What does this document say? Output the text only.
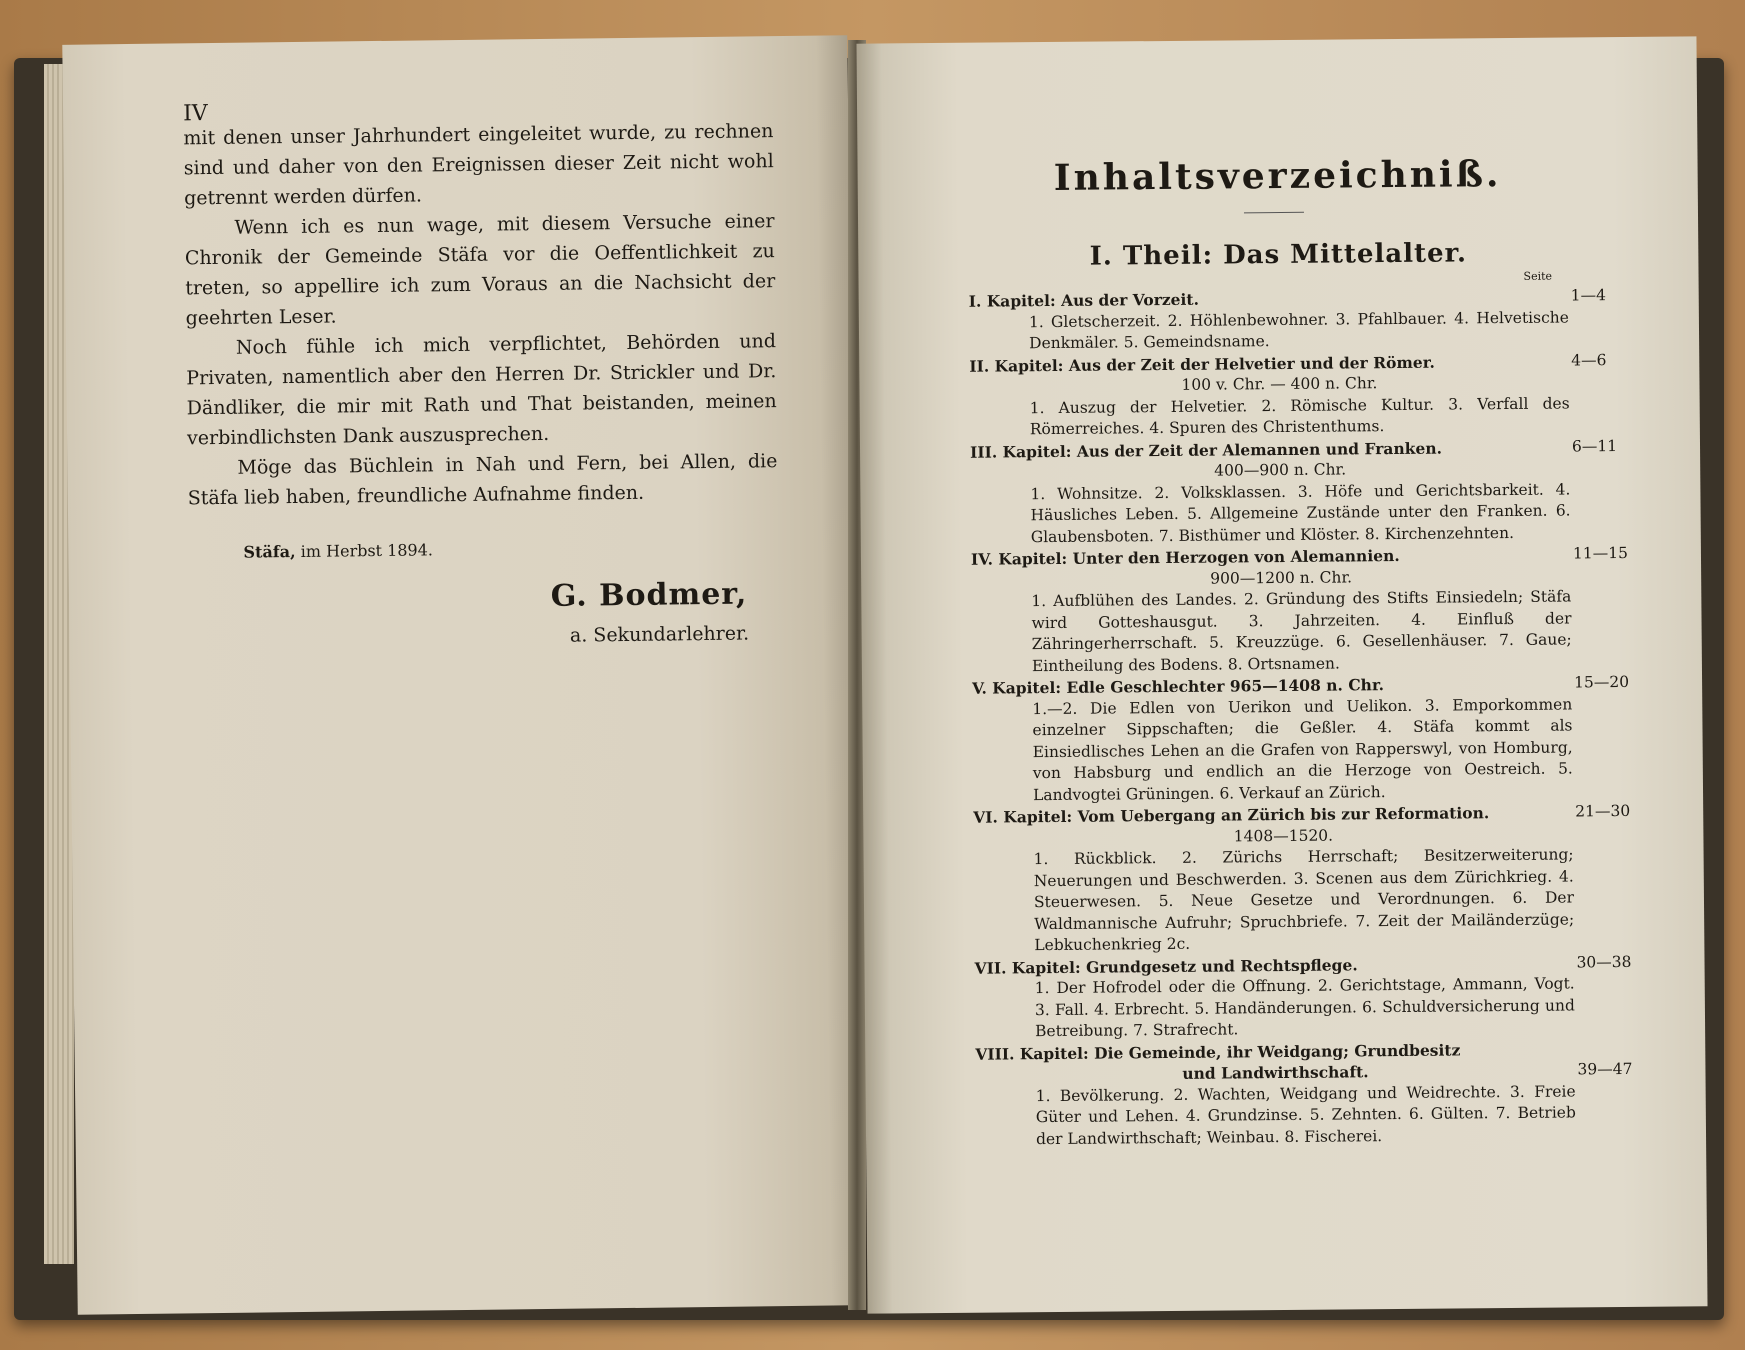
IV

mit denen unser Jahrhundert eingeleitet wurde, zu rechnen sind und daher von den Ereignissen dieser Zeit nicht wohl getrennt werden dürfen.

Wenn ich es nun wage, mit diesem Versuche einer Chronik der Gemeinde Stäfa vor die Oeffentlichkeit zu treten, so appellire ich zum Voraus an die Nachsicht der geehrten Leser.

Noch fühle ich mich verpflichtet, Behörden und Privaten, namentlich aber den Herren Dr. Strickler und Dr. Dändliker, die mir mit Rath und That beistanden, meinen verbindlichsten Dank auszusprechen.

Möge das Büchlein in Nah und Fern, bei Allen, die Stäfa lieb haben, freundliche Aufnahme finden.

Stäfa, im Herbst 1894.
G. Bodmer,
a. Sekundarlehrer.
Inhaltsverzeichniß.
I. Theil: Das Mittelalter.
Seite
I. Kapitel: Aus der Vorzeit.	1—4
1. Gletscherzeit. 2. Höhlenbewohner. 3. Pfahlbauer. 4. Helvetische Denkmäler. 5. Gemeindsname.
II. Kapitel: Aus der Zeit der Helvetier und der Römer.	4—6
100 v. Chr. — 400 n. Chr.
1. Auszug der Helvetier. 2. Römische Kultur. 3. Verfall des Römerreiches. 4. Spuren des Christenthums.
III. Kapitel: Aus der Zeit der Alemannen und Franken.	6—11
400—900 n. Chr.
1. Wohnsitze. 2. Volksklassen. 3. Höfe und Gerichtsbarkeit. 4. Häusliches Leben. 5. Allgemeine Zustände unter den Franken. 6. Glaubensboten. 7. Bisthümer und Klöster. 8. Kirchenzehnten.
IV. Kapitel: Unter den Herzogen von Alemannien.	11—15
900—1200 n. Chr.
1. Aufblühen des Landes. 2. Gründung des Stifts Einsiedeln; Stäfa wird Gotteshausgut. 3. Jahrzeiten. 4. Einfluß der Zähringerherrschaft. 5. Kreuzzüge. 6. Gesellenhäuser. 7. Gaue; Eintheilung des Bodens. 8. Ortsnamen.
V. Kapitel: Edle Geschlechter 965—1408 n. Chr.	15—20
1.—2. Die Edlen von Uerikon und Uelikon. 3. Emporkommen einzelner Sippschaften; die Geßler. 4. Stäfa kommt als Einsiedlisches Lehen an die Grafen von Rapperswyl, von Homburg, von Habsburg und endlich an die Herzoge von Oestreich. 5. Landvogtei Grüningen. 6. Verkauf an Zürich.
VI. Kapitel: Vom Uebergang an Zürich bis zur Reformation.	21—30
1408—1520.
1. Rückblick. 2. Zürichs Herrschaft; Besitzerweiterung; Neuerungen und Beschwerden. 3. Scenen aus dem Zürichkrieg. 4. Steuerwesen. 5. Neue Gesetze und Verordnungen. 6. Der Waldmannische Aufruhr; Spruchbriefe. 7. Zeit der Mailänderzüge; Lebkuchenkrieg 2c.
VII. Kapitel: Grundgesetz und Rechtspflege.	30—38
1. Der Hofrodel oder die Offnung. 2. Gerichtstage, Ammann, Vogt. 3. Fall. 4. Erbrecht. 5. Handänderungen. 6. Schuldversicherung und Betreibung. 7. Strafrecht.
VIII. Kapitel: Die Gemeinde, ihr Weidgang; Grundbesitz
und Landwirthschaft.	39—47
1. Bevölkerung. 2. Wachten, Weidgang und Weidrechte. 3. Freie Güter und Lehen. 4. Grundzinse. 5. Zehnten. 6. Gülten. 7. Betrieb der Landwirthschaft; Weinbau. 8. Fischerei.
